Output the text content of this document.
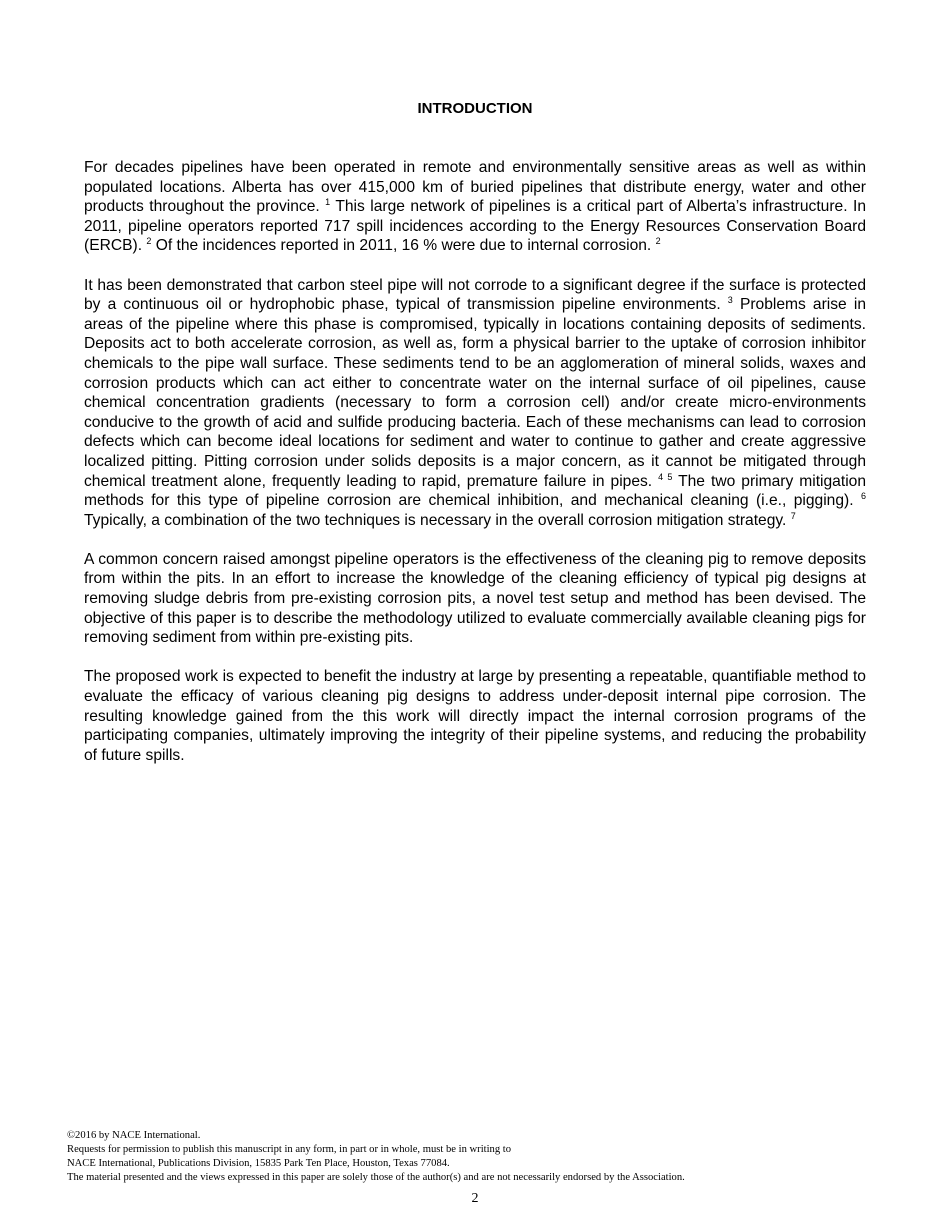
INTRODUCTION

For decades pipelines have been operated in remote and environmentally sensitive areas as well as within populated locations. Alberta has over 415,000 km of buried pipelines that distribute energy, water and other products throughout the province. $^1$ This large network of pipelines is a critical part of Alberta’s infrastructure. In 2011, pipeline operators reported 717 spill incidences according to the Energy Resources Conservation Board (ERCB). $^2$ Of the incidences reported in 2011, 16 % were due to internal corrosion. $^2$

It has been demonstrated that carbon steel pipe will not corrode to a significant degree if the surface is protected by a continuous oil or hydrophobic phase, typical of transmission pipeline environments. $^3$ Problems arise in areas of the pipeline where this phase is compromised, typically in locations containing deposits of sediments. Deposits act to both accelerate corrosion, as well as, form a physical barrier to the uptake of corrosion inhibitor chemicals to the pipe wall surface. These sediments tend to be an agglomeration of mineral solids, waxes and corrosion products which can act either to concentrate water on the internal surface of oil pipelines, cause chemical concentration gradients (necessary to form a corrosion cell) and/or create micro-environments conducive to the growth of acid and sulfide producing bacteria. Each of these mechanisms can lead to corrosion defects which can become ideal locations for sediment and water to continue to gather and create aggressive localized pitting. Pitting corrosion under solids deposits is a major concern, as it cannot be mitigated through chemical treatment alone, frequently leading to rapid, premature failure in pipes. $^{4 5}$ The two primary mitigation methods for this type of pipeline corrosion are chemical inhibition, and mechanical cleaning (i.e., pigging). $^6$ Typically, a combination of the two techniques is necessary in the overall corrosion mitigation strategy. $^7$

A common concern raised amongst pipeline operators is the effectiveness of the cleaning pig to remove deposits from within the pits. In an effort to increase the knowledge of the cleaning efficiency of typical pig designs at removing sludge debris from pre-existing corrosion pits, a novel test setup and method has been devised. The objective of this paper is to describe the methodology utilized to evaluate commercially available cleaning pigs for removing sediment from within pre-existing pits.

The proposed work is expected to benefit the industry at large by presenting a repeatable, quantifiable method to evaluate the efficacy of various cleaning pig designs to address under-deposit internal pipe corrosion. The resulting knowledge gained from the this work will directly impact the internal corrosion programs of the participating companies, ultimately improving the integrity of their pipeline systems, and reducing the probability of future spills.

©2016 by NACE International.
Requests for permission to publish this manuscript in any form, in part or in whole, must be in writing to
NACE International, Publications Division, 15835 Park Ten Place, Houston, Texas 77084.
The material presented and the views expressed in this paper are solely those of the author(s) and are not necessarily endorsed by the Association.
2
